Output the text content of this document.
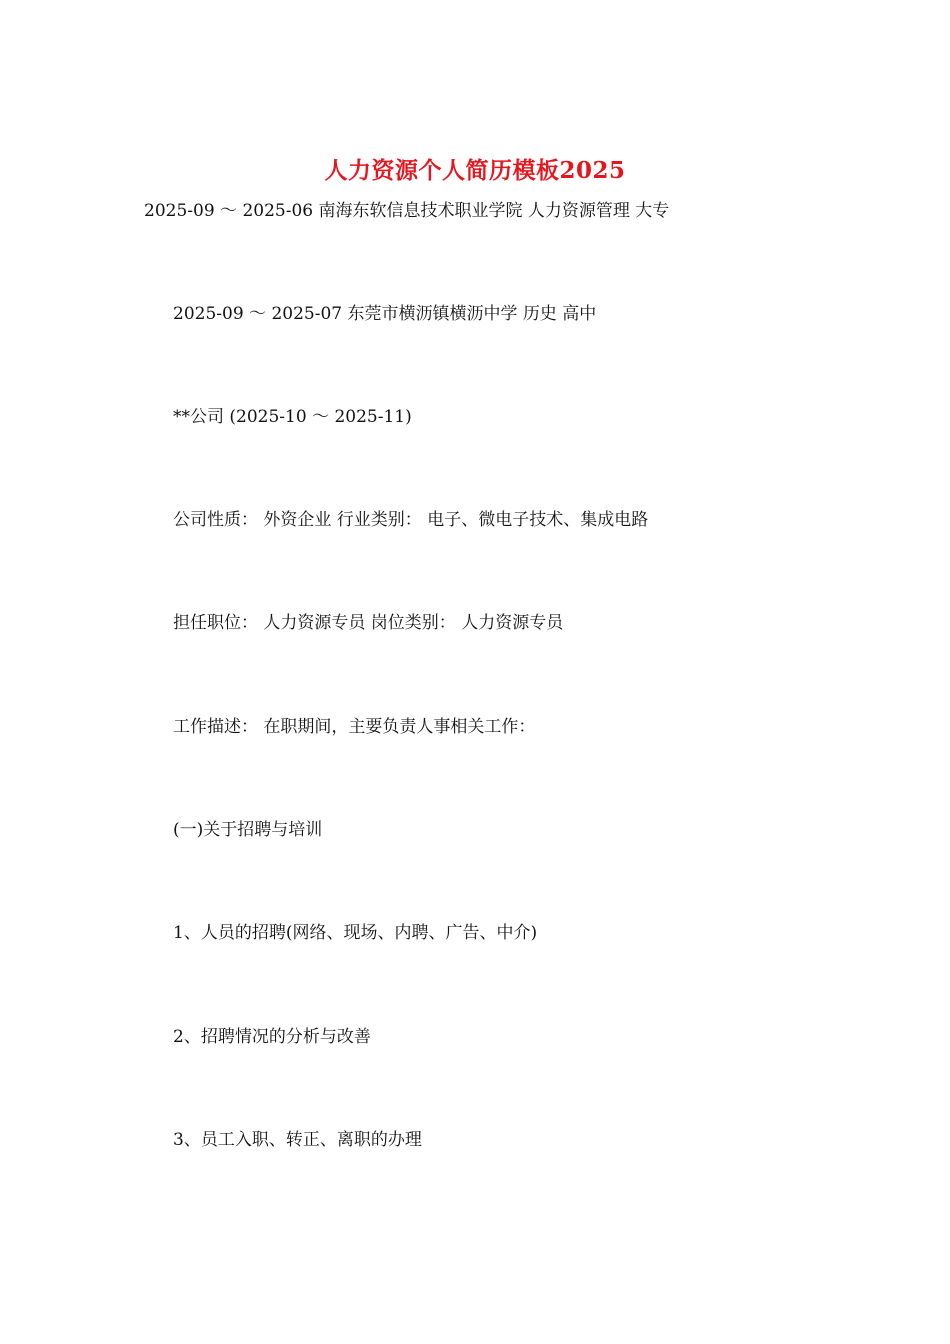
人力资源个人简历模板2025
2025-09 ～ 2025-06 南海东软信息技术职业学院 人力资源管理 大专
2025-09 ～ 2025-07 东莞市横沥镇横沥中学 历史 高中
**公司 (2025-10 ～ 2025-11)
公司性质： 外资企业 行业类别： 电子、微电子技术、集成电路
担任职位： 人力资源专员 岗位类别： 人力资源专员
工作描述： 在职期间，主要负责人事相关工作：
(一)关于招聘与培训
1、人员的招聘(网络、现场、内聘、广告、中介)
2、招聘情况的分析与改善
3、员工入职、转正、离职的办理
